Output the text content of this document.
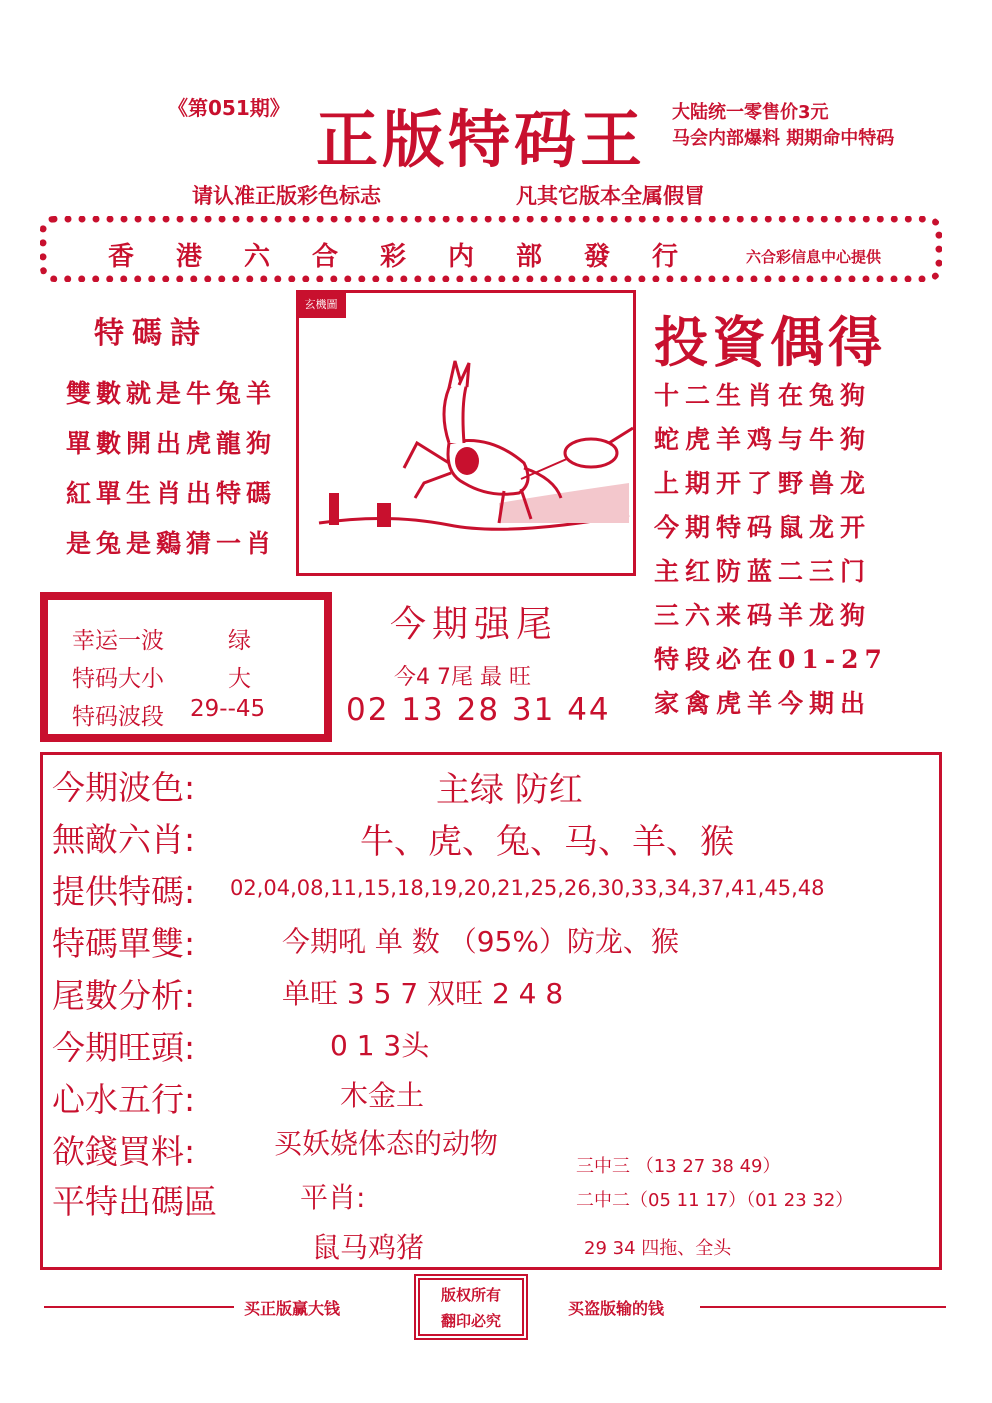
《第051期》 正版特码王 大陆统一零售价3元
马会内部爆料 期期命中特码
请认准正版彩色标志	凡其它版本全属假冒
香港六合彩内部發行 六合彩信息中心提供
特碼詩
雙數就是牛兔羊
單數開出虎龍狗
紅單生肖出特碼
是兔是鷄猜一肖
玄機圖
投資偶得
十二生肖在兔狗
蛇虎羊鸡与牛狗
上期开了野兽龙
今期特码鼠龙开
主红防蓝二三门
三六来码羊龙狗
特段必在01-27
家禽虎羊今期出
幸运一波	绿
特码大小	大
特码波段 29--45
今期强尾
今4 7尾 最 旺
02 13 28 31 44
今期波色:	主绿 防红
無敵六肖:	牛、虎、兔、马、羊、猴
提供特碼: 02,04,08,11,15,18,19,20,21,25,26,30,33,34,37,41,45,48
特碼單雙:	今期吼 单 数 （95%）防龙、猴
尾數分析:	单旺 3 5 7 双旺 2 4 8
今期旺頭:	0 1 3头
心水五行:	木金土
欲錢買料:	买妖娆体态的动物
平特出碼區	平肖:
鼠马鸡猪
三中三 （13 27 38 49）
二中二（05 11 17）（01 23 32）
29 34 四拖、全头
买正版赢大钱
版权所有
翻印必究
买盗版输的钱
